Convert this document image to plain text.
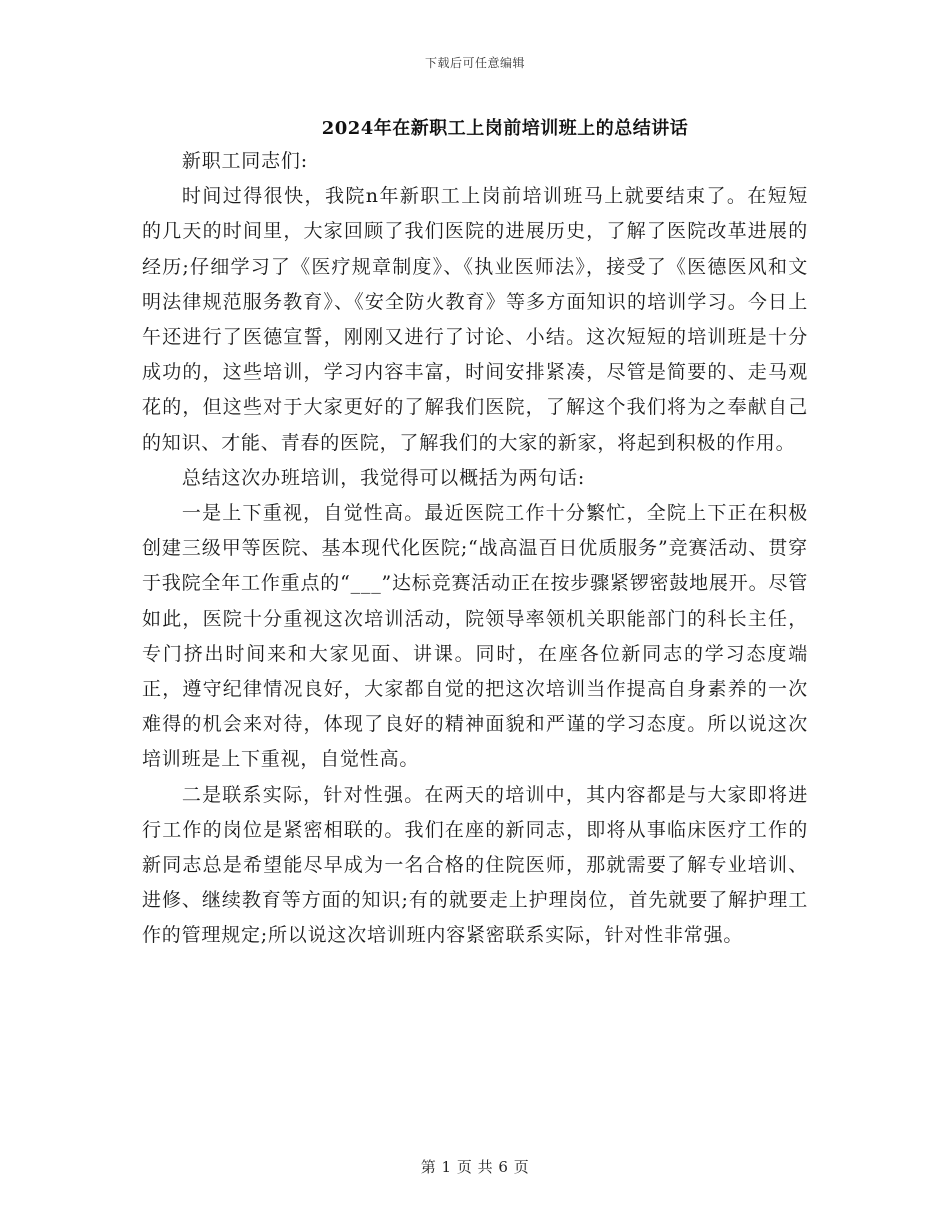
下载后可任意编辑
2024年在新职工上岗前培训班上的总结讲话

新职工同志们:

时间过得很快，我院n年新职工上岗前培训班马上就要结束了。在短短的几天的时间里，大家回顾了我们医院的进展历史，了解了医院改革进展的经历;仔细学习了《医疗规章制度》、《执业医师法》，接受了《医德医风和文明法律规范服务教育》、《安全防火教育》等多方面知识的培训学习。今日上午还进行了医德宣誓，刚刚又进行了讨论、小结。这次短短的培训班是十分成功的，这些培训，学习内容丰富，时间安排紧凑，尽管是简要的、走马观花的，但这些对于大家更好的了解我们医院，了解这个我们将为之奉献自己的知识、才能、青春的医院，了解我们的大家的新家，将起到积极的作用。

总结这次办班培训，我觉得可以概括为两句话:

一是上下重视，自觉性高。最近医院工作十分繁忙，全院上下正在积极创建三级甲等医院、基本现代化医院;“战高温百日优质服务”竞赛活动、贯穿于我院全年工作重点的“___”达标竞赛活动正在按步骤紧锣密鼓地展开。尽管如此，医院十分重视这次培训活动，院领导率领机关职能部门的科长主任，专门挤出时间来和大家见面、讲课。同时，在座各位新同志的学习态度端正，遵守纪律情况良好，大家都自觉的把这次培训当作提高自身素养的一次难得的机会来对待，体现了良好的精神面貌和严谨的学习态度。所以说这次培训班是上下重视，自觉性高。

二是联系实际，针对性强。在两天的培训中，其内容都是与大家即将进行工作的岗位是紧密相联的。我们在座的新同志，即将从事临床医疗工作的新同志总是希望能尽早成为一名合格的住院医师，那就需要了解专业培训、进修、继续教育等方面的知识;有的就要走上护理岗位，首先就要了解护理工作的管理规定;所以说这次培训班内容紧密联系实际，针对性非常强。

第 1 页 共 6 页
